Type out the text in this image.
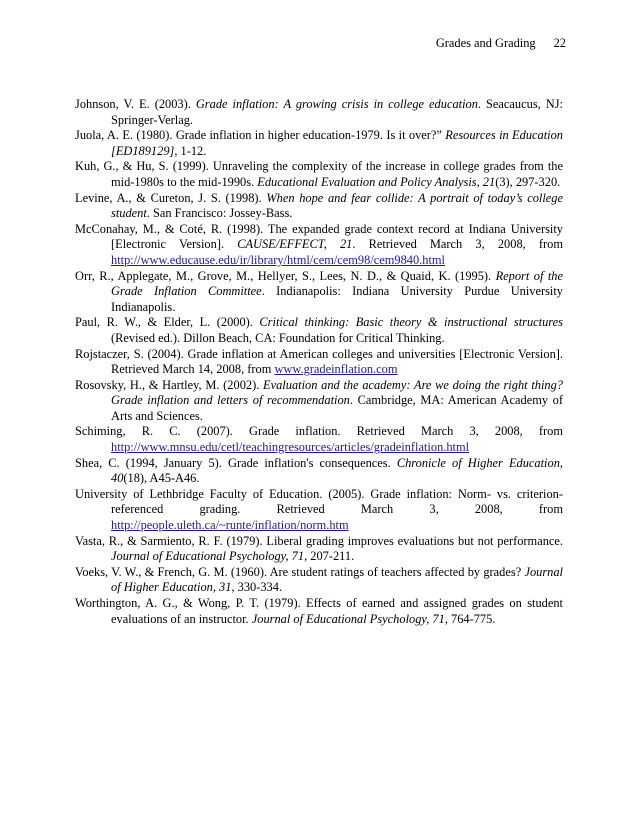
Grades and Grading 22
Johnson, V. E. (2003). Grade inflation: A growing crisis in college education. Seacaucus, NJ: Springer-Verlag.
Juola, A. E. (1980). Grade inflation in higher education-1979. Is it over?” Resources in Education [ED189129], 1-12.
Kuh, G., & Hu, S. (1999). Unraveling the complexity of the increase in college grades from the mid-1980s to the mid-1990s. Educational Evaluation and Policy Analysis, 21(3), 297-320.
Levine, A., & Cureton, J. S. (1998). When hope and fear collide: A portrait of today’s college student. San Francisco: Jossey-Bass.
McConahay, M., & Coté, R. (1998). The expanded grade context record at Indiana University [Electronic Version]. CAUSE/EFFECT, 21. Retrieved March 3, 2008, from http://www.educause.edu/ir/library/html/cem/cem98/cem9840.html
Orr, R., Applegate, M., Grove, M., Hellyer, S., Lees, N. D., & Quaid, K. (1995). Report of the Grade Inflation Committee. Indianapolis: Indiana University Purdue University Indianapolis.
Paul, R. W., & Elder, L. (2000). Critical thinking: Basic theory & instructional structures (Revised ed.). Dillon Beach, CA: Foundation for Critical Thinking.
Rojstaczer, S. (2004). Grade inflation at American colleges and universities [Electronic Version]. Retrieved March 14, 2008, from www.gradeinflation.com
Rosovsky, H., & Hartley, M. (2002). Evaluation and the academy: Are we doing the right thing? Grade inflation and letters of recommendation. Cambridge, MA: American Academy of Arts and Sciences.
Schiming, R. C. (2007). Grade inflation. Retrieved March 3, 2008, from http://www.mnsu.edu/cetl/teachingresources/articles/gradeinflation.html
Shea, C. (1994, January 5). Grade inflation's consequences. Chronicle of Higher Education, 40(18), A45-A46.
University of Lethbridge Faculty of Education. (2005). Grade inflation: Norm- vs. criterion-referenced grading. Retrieved March 3, 2008, from http://people.uleth.ca/~runte/inflation/norm.htm
Vasta, R., & Sarmiento, R. F. (1979). Liberal grading improves evaluations but not performance. Journal of Educational Psychology, 71, 207-211.
Voeks, V. W., & French, G. M. (1960). Are student ratings of teachers affected by grades? Journal of Higher Education, 31, 330-334.
Worthington, A. G., & Wong, P. T. (1979). Effects of earned and assigned grades on student evaluations of an instructor. Journal of Educational Psychology, 71, 764-775.
